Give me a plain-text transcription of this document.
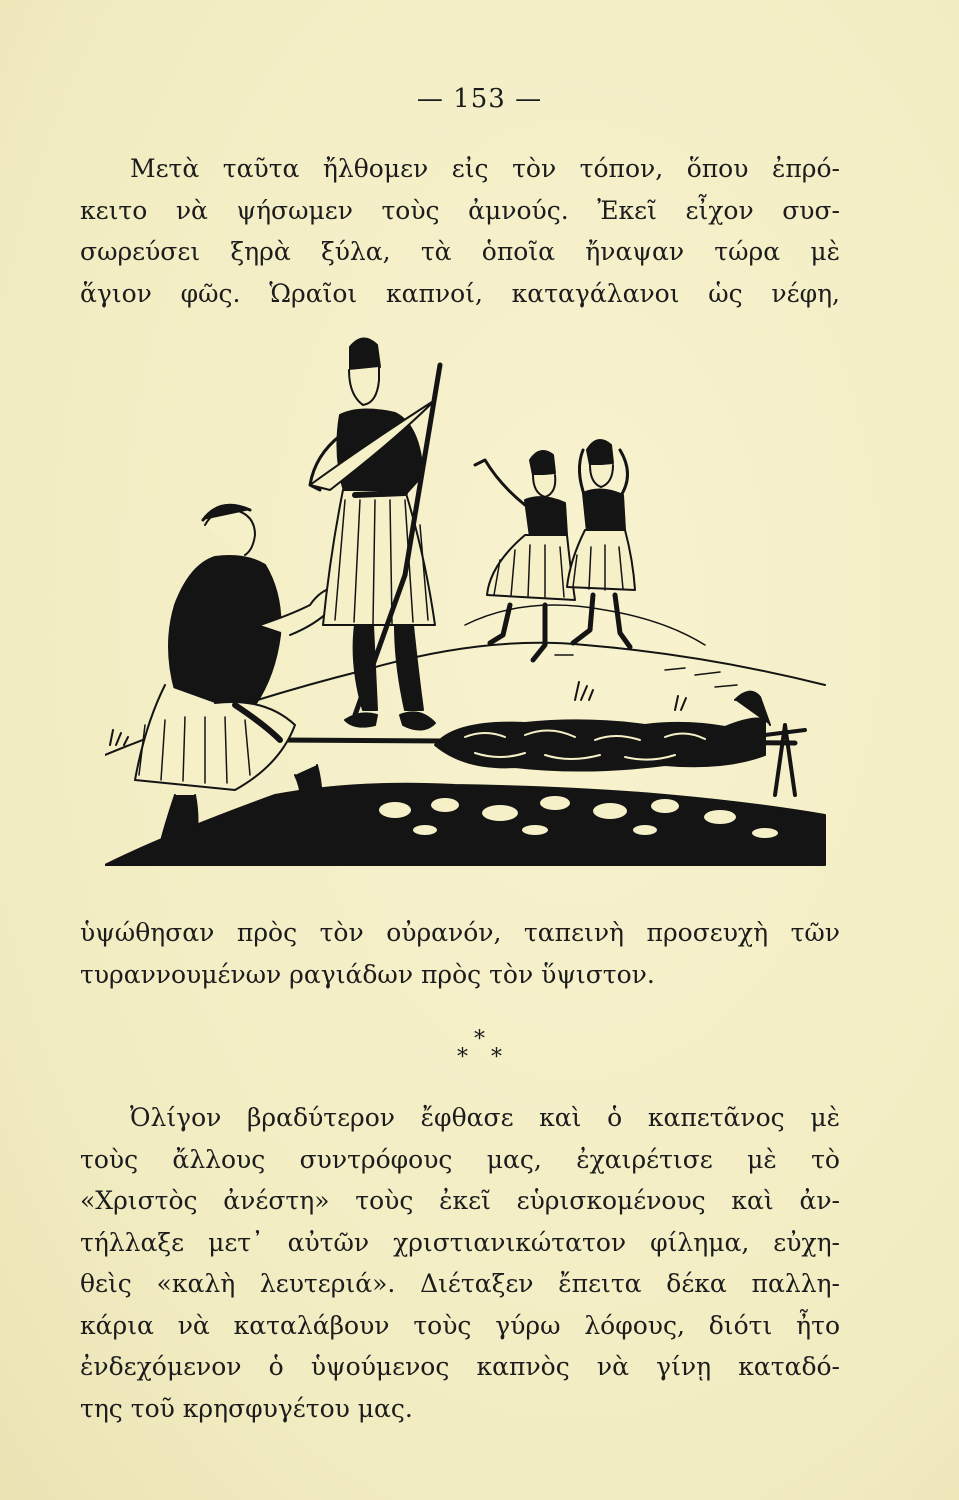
— 153 —
Μετὰ ταῦτα ἤλθομεν εἰς τὸν τόπον, ὅπου ἐπρό-
κειτο νὰ ψήσωμεν τοὺς ἀμνούς. Ἐκεῖ εἶχον συσ-
σωρεύσει ξηρὰ ξύλα, τὰ ὁποῖα ἤναψαν τώρα μὲ
ἅγιον φῶς. Ὡραῖοι καπνοί, καταγάλανοι ὡς νέφη,
ὑψώθησαν πρὸς τὸν οὐρανόν, ταπεινὴ προσευχὴ τῶν
τυραννουμένων ραγιάδων πρὸς τὸν ὕψιστον.
*
* *
Ὀλίγον βραδύτερον ἔφθασε καὶ ὁ καπετᾶνος μὲ
τοὺς ἄλλους συντρόφους μας, ἐχαιρέτισε μὲ τὸ
«Χριστὸς ἀνέστη» τοὺς ἐκεῖ εὑρισκομένους καὶ ἀν-
τήλλαξε μετ᾽ αὐτῶν χριστιανικώτατον φίλημα, εὐχη-
θεὶς «καλὴ λευτεριά». Διέταξεν ἔπειτα δέκα παλλη-
κάρια νὰ καταλάβουν τοὺς γύρω λόφους, διότι ἦτο
ἐνδεχόμενον ὁ ὑψούμενος καπνὸς νὰ γίνῃ καταδό-
της τοῦ κρησφυγέτου μας.
